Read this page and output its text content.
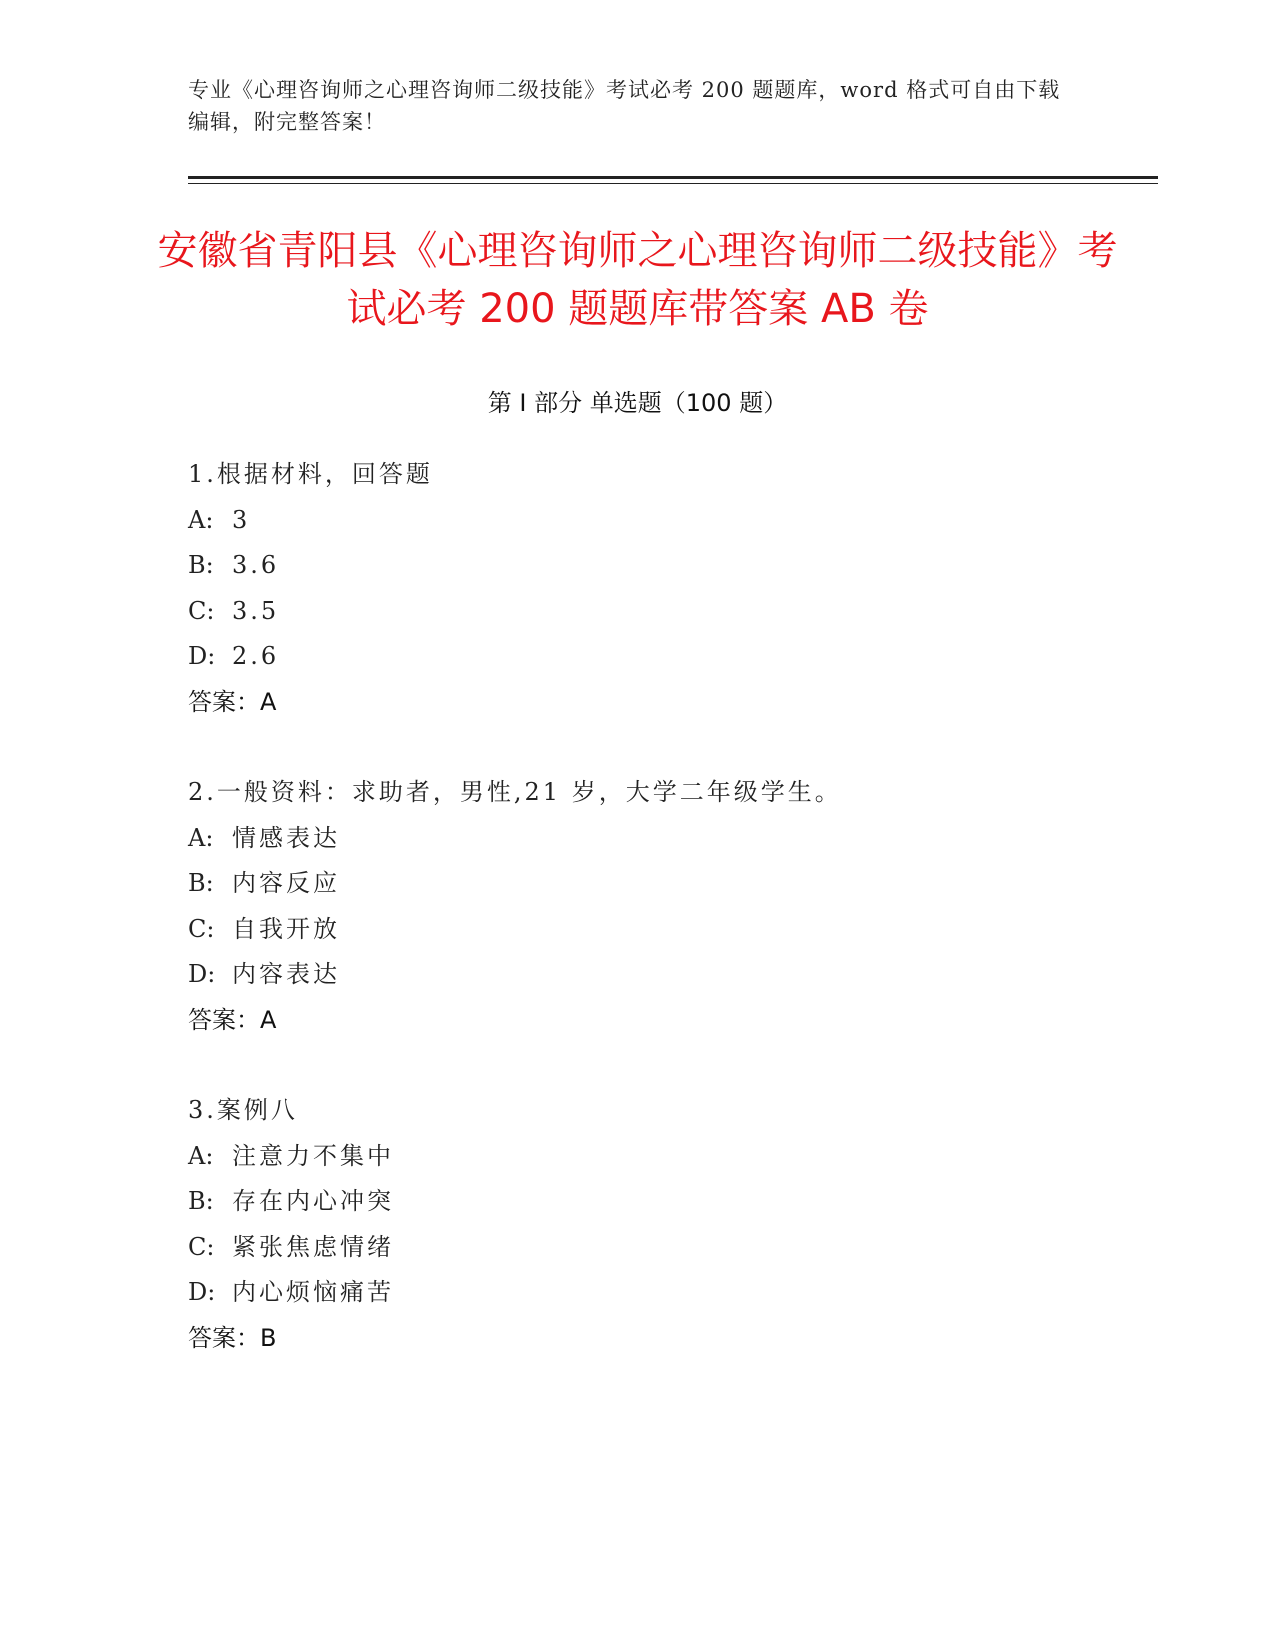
专业《心理咨询师之心理咨询师二级技能》考试必考 200 题题库，word 格式可自由下载编辑，附完整答案！
安徽省青阳县《心理咨询师之心理咨询师二级技能》考试必考 200 题题库带答案 AB 卷
第 I 部分 单选题（100 题）
1.根据材料，回答题
A: 3
B: 3.6
C: 3.5
D: 2.6
答案：A
2.一般资料：求助者，男性,21 岁，大学二年级学生。
A: 情感表达
B: 内容反应
C: 自我开放
D: 内容表达
答案：A
3.案例八
A: 注意力不集中
B: 存在内心冲突
C: 紧张焦虑情绪
D: 内心烦恼痛苦
答案：B
